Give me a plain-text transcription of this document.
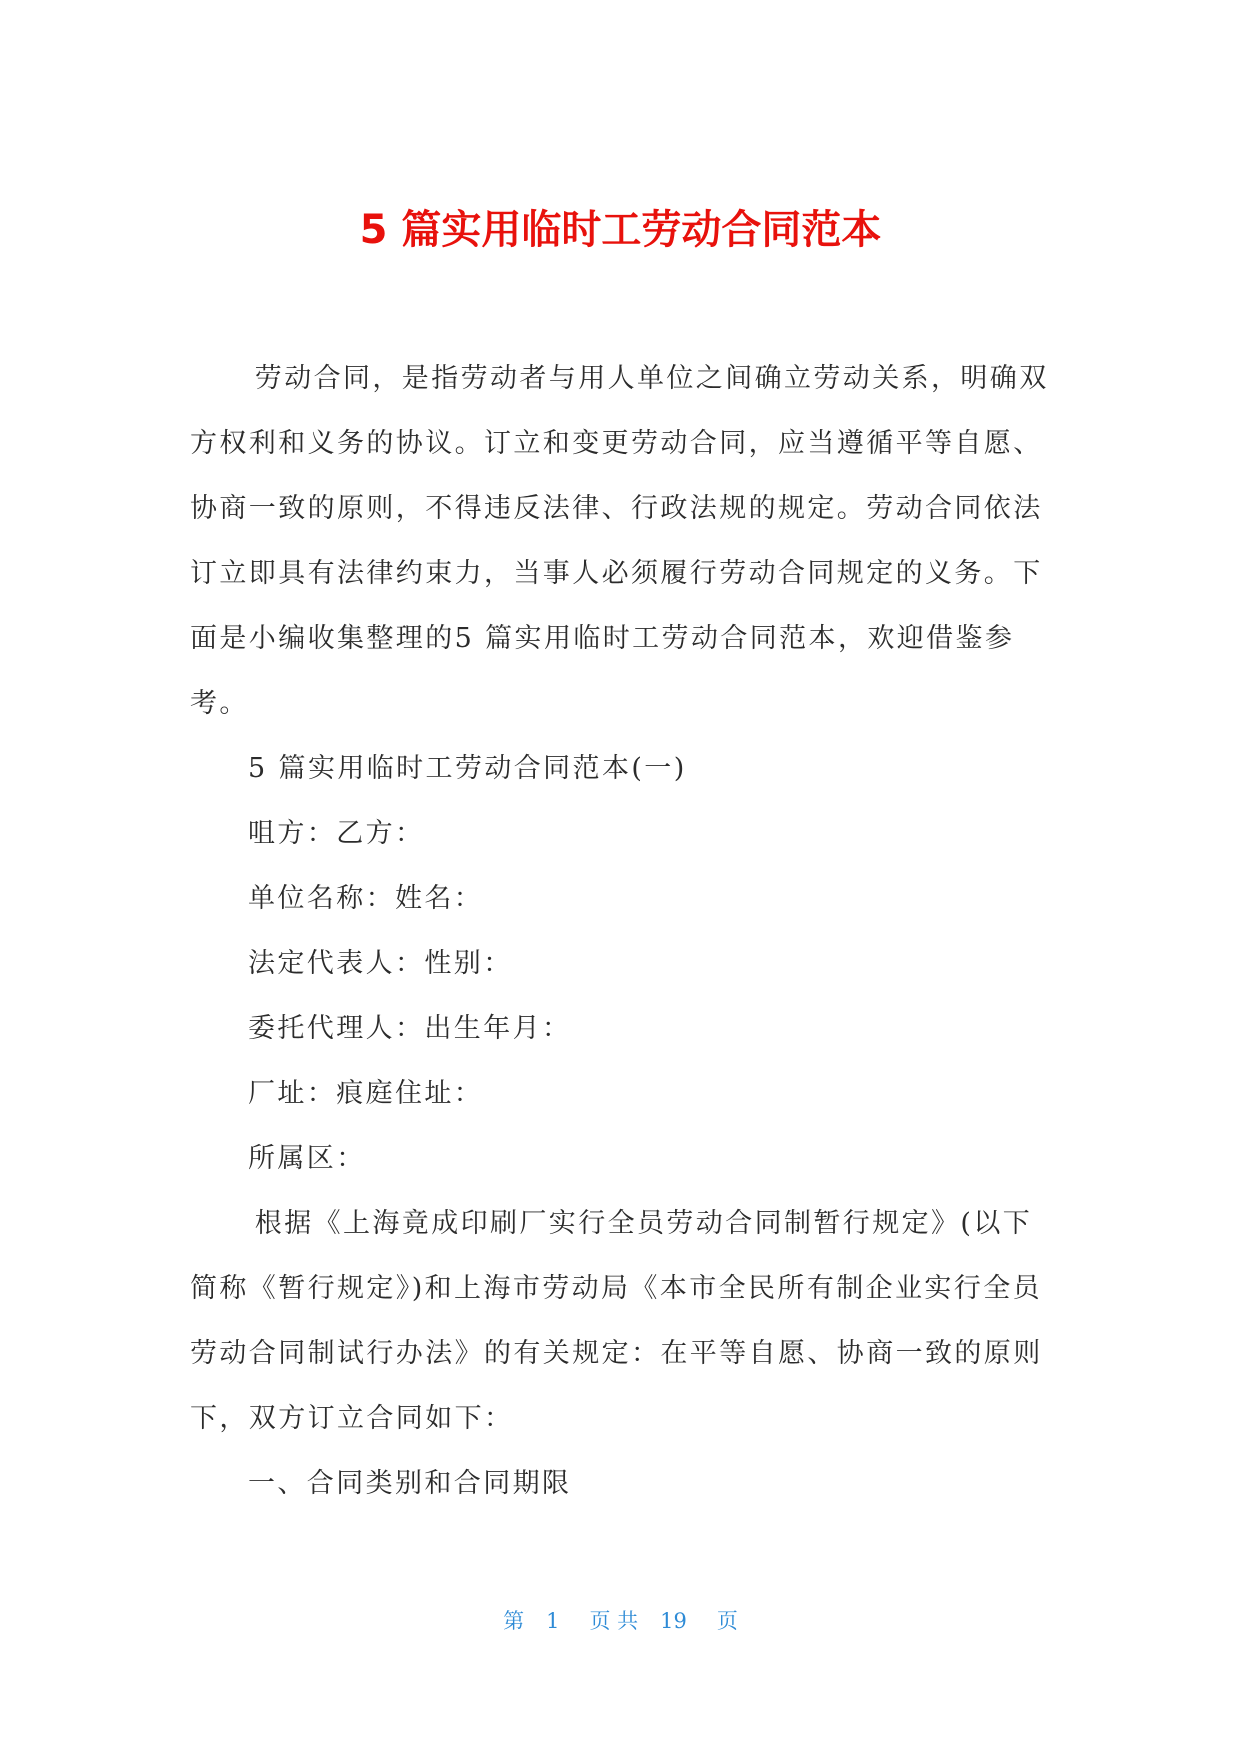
5 篇实用临时工劳动合同范本

劳动合同，是指劳动者与用人单位之间确立劳动关系，明确双方权利和义务的协议。订立和变更劳动合同，应当遵循平等自愿、协商一致的原则，不得违反法律、行政法规的规定。劳动合同依法订立即具有法律约束力，当事人必须履行劳动合同规定的义务。下面是小编收集整理的5 篇实用临时工劳动合同范本，欢迎借鉴参考。

5 篇实用临时工劳动合同范本(一)

咀方：乙方：

单位名称：姓名：

法定代表人：性别：

委托代理人：出生年月：

厂址：痕庭住址：

所属区：

根据《上海竟成印刷厂实行全员劳动合同制暂行规定》(以下简称《暂行规定》)和上海市劳动局《本市全民所有制企业实行全员劳动合同制试行办法》的有关规定：在平等自愿、协商一致的原则下，双方订立合同如下：

一、合同类别和合同期限

第 1 页 共 19 页
